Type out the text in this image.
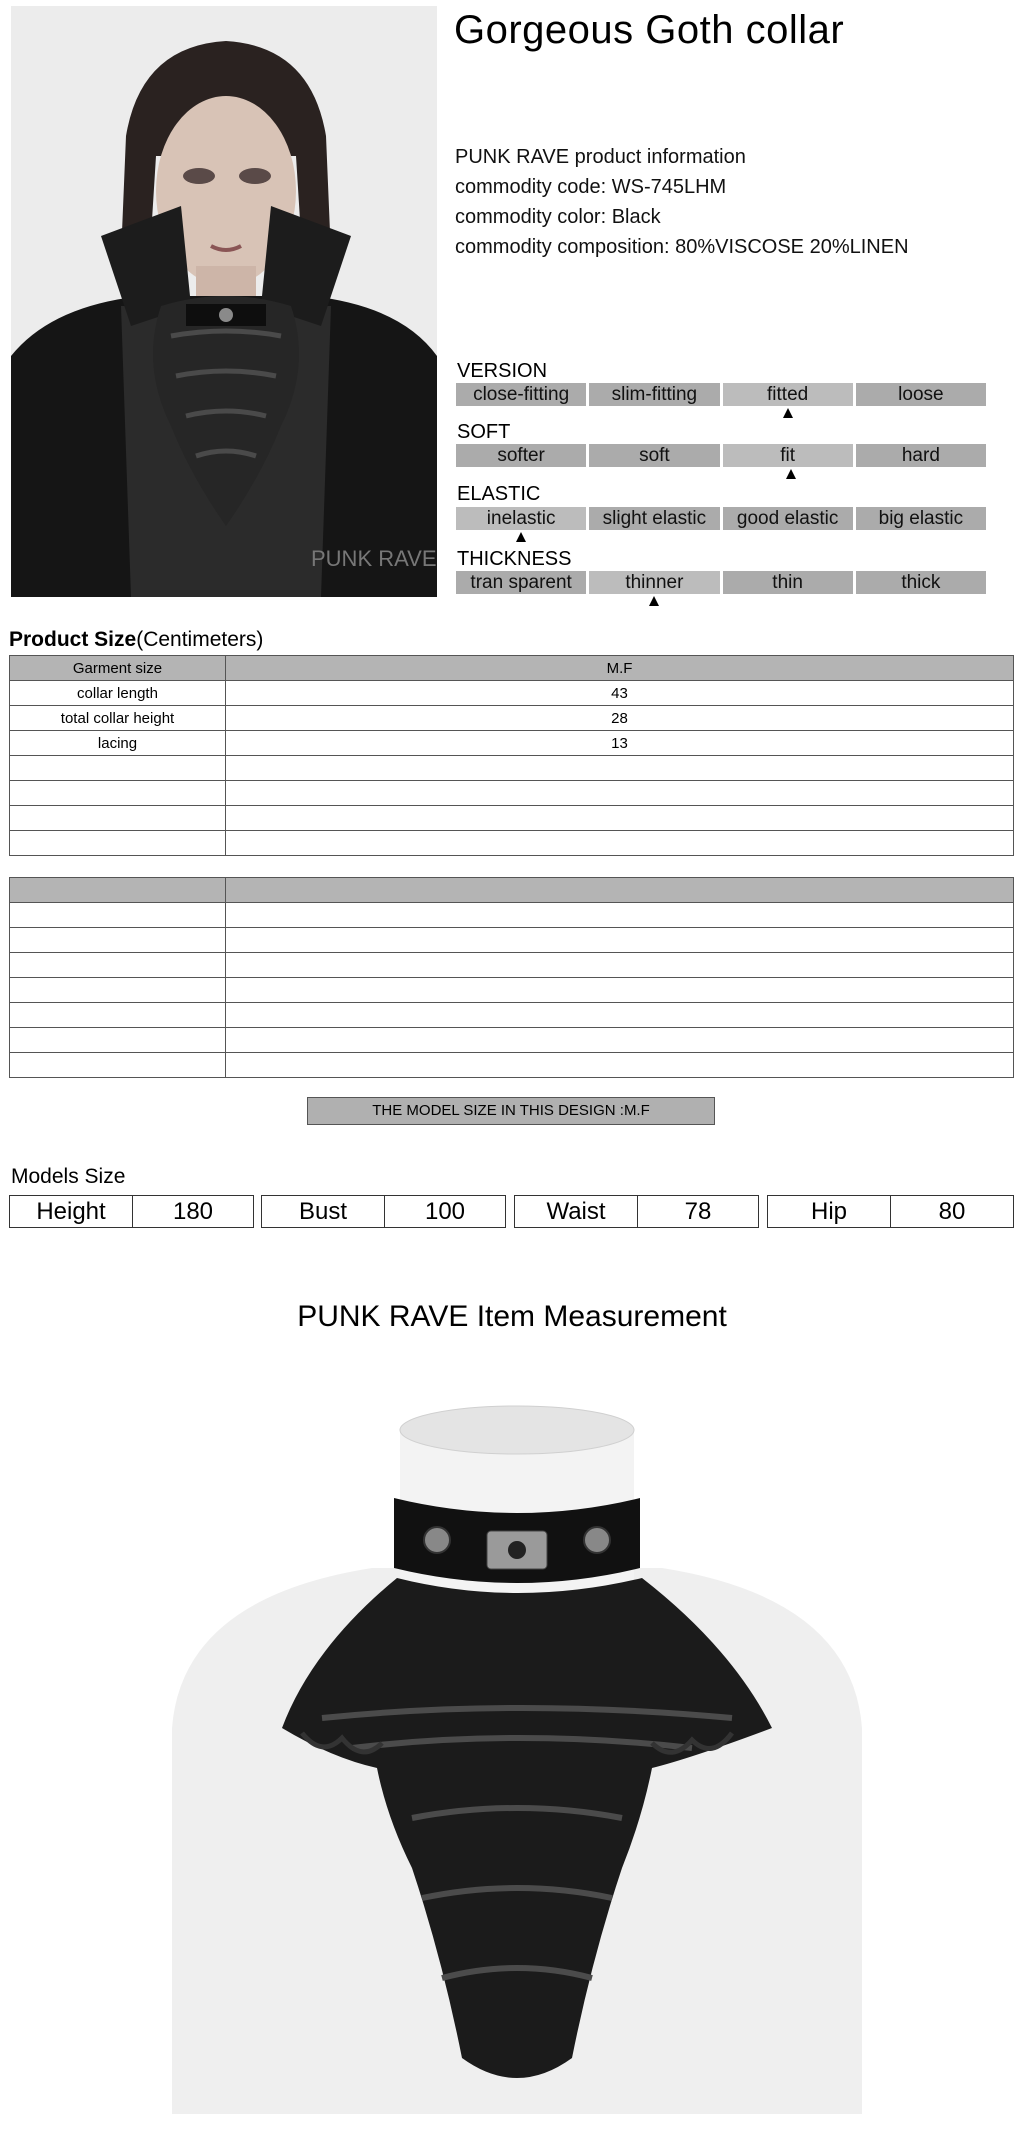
PUNK RAVE
Gorgeous Goth collar
PUNK RAVE product information
commodity code: WS-745LHM
commodity color: Black
commodity composition: 80%VISCOSE 20%LINEN
VERSION
close-fitting	slim-fitting	fitted	loose
SOFT
softer	soft	fit	hard
ELASTIC
inelastic	slight elastic	good elastic	big elastic
THICKNESS
tran sparent	thinner	thin	thick
Product Size(Centimeters)
Garment size	M.F
collar length	43
total collar height	28
lacing	13

THE MODEL SIZE IN THIS DESIGN :M.F
Models Size
Height	180	Bust	100	Waist	78	Hip	80
PUNK RAVE Item Measurement
